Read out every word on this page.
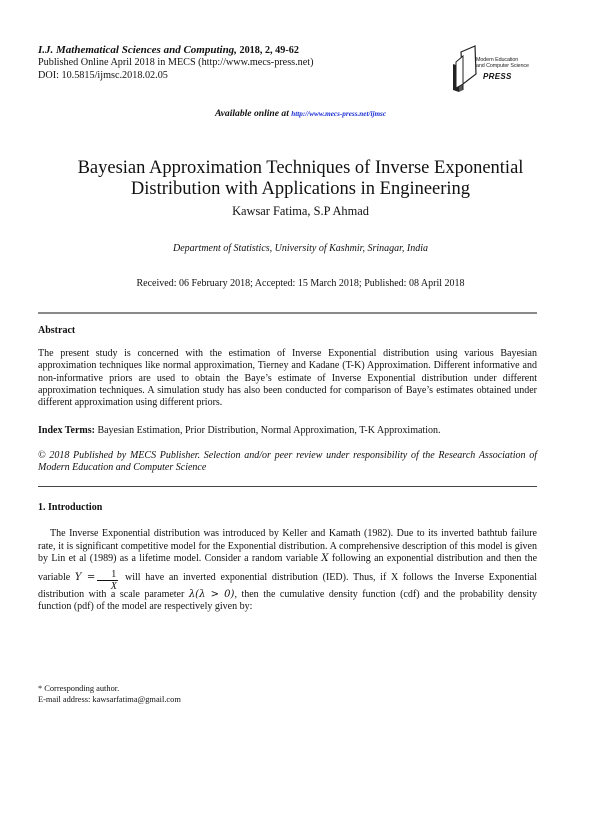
I.J. Mathematical Sciences and Computing, 2018, 2, 49-62
Published Online April 2018 in MECS (http://www.mecs-press.net)
DOI: 10.5815/ijmsc.2018.02.05
Modern Education
and Computer Science
PRESS
Available online at http://www.mecs-press.net/ijmsc
Bayesian Approximation Techniques of Inverse Exponential
Distribution with Applications in Engineering
Kawsar Fatima, S.P Ahmad
Department of Statistics, University of Kashmir, Srinagar, India
Received: 06 February 2018; Accepted: 15 March 2018; Published: 08 April 2018
Abstract
The present study is concerned with the estimation of Inverse Exponential distribution using various Bayesian approximation techniques like normal approximation, Tierney and Kadane (T-K) Approximation. Different informative and non-informative priors are used to obtain the Baye’s estimate of Inverse Exponential distribution under different approximation techniques. A simulation study has also been conducted for comparison of Baye’s estimates obtained under different approximation using different priors.
Index Terms: Bayesian Estimation, Prior Distribution, Normal Approximation, T-K Approximation.
© 2018 Published by MECS Publisher. Selection and/or peer review under responsibility of the Research Association of Modern Education and Computer Science
1. Introduction
The Inverse Exponential distribution was introduced by Keller and Kamath (1982). Due to its inverted bathtub failure rate, it is significant competitive model for the Exponential distribution. A comprehensive description of this model is given by Lin et al (1989) as a lifetime model. Consider a random variable X following an exponential distribution and then the variable $Y = \frac{1}{X}$ will have an inverted exponential distribution (IED). Thus, if X follows the Inverse Exponential distribution with a scale parameter λ(λ > 0), then the cumulative density function (cdf) and the probability density function (pdf) of the model are respectively given by:
* Corresponding author.
E-mail address: kawsarfatima@gmail.com
